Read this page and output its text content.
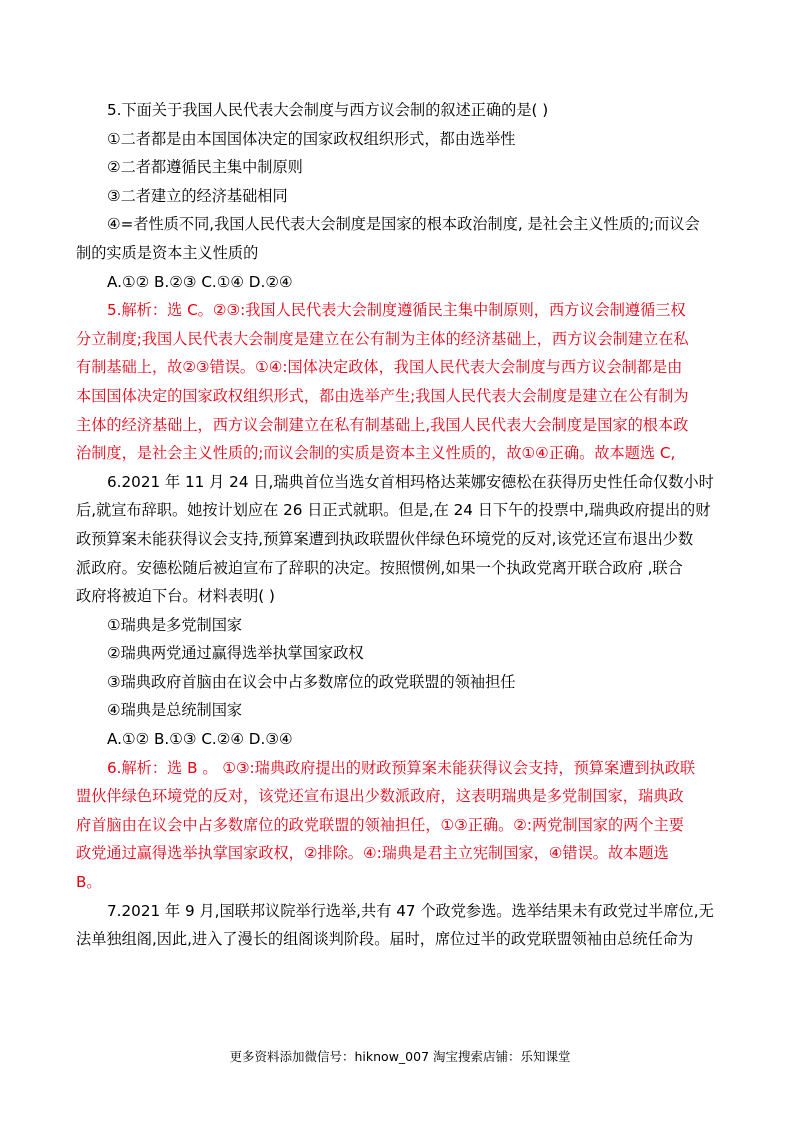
5.下面关于我国人民代表大会制度与西方议会制的叙述正确的是( )
①二者都是由本国国体决定的国家政权组织形式，都由选举性
②二者都遵循民主集中制原则
③二者建立的经济基础相同
④=者性质不同,我国人民代表大会制度是国家的根本政治制度, 是社会主义性质的;而议会
制的实质是资本主义性质的
A.①② B.②③ C.①④ D.②④
5.解析：选 C。②③:我国人民代表大会制度遵循民主集中制原则，西方议会制遵循三权
分立制度;我国人民代表大会制度是建立在公有制为主体的经济基础上，西方议会制建立在私
有制基础上，故②③错误。①④:国体决定政体，我国人民代表大会制度与西方议会制都是由
本国国体决定的国家政权组织形式，都由选举产生;我国人民代表大会制度是建立在公有制为
主体的经济基础上，西方议会制建立在私有制基础上,我国人民代表大会制度是国家的根本政
治制度，是社会主义性质的;而议会制的实质是资本主义性质的，故①④正确。故本题选 C,
6.2021 年 11 月 24 日,瑞典首位当选女首相玛格达莱娜安德松在获得历史性任命仅数小时
后,就宣布辞职。她按计划应在 26 日正式就职。但是,在 24 日下午的投票中,瑞典政府提出的财
政预算案未能获得议会支持,预算案遭到执政联盟伙伴绿色环境党的反对,该党还宣布退出少数
派政府。安德松随后被迫宣布了辞职的决定。按照惯例,如果一个执政党离开联合政府 ,联合
政府将被迫下台。材料表明( )
①瑞典是多党制国家
②瑞典两党通过赢得选举执掌国家政权
③瑞典政府首脑由在议会中占多数席位的政党联盟的领袖担任
④瑞典是总统制国家
A.①② B.①③ C.②④ D.③④
6.解析：选 B 。 ①③:瑞典政府提出的财政预算案未能获得议会支持，预算案遭到执政联
盟伙伴绿色环境党的反对，该党还宣布退出少数派政府，这表明瑞典是多党制国家，瑞典政
府首脑由在议会中占多数席位的政党联盟的领袖担任，①③正确。②:两党制国家的两个主要
政党通过赢得选举执掌国家政权，②排除。④:瑞典是君主立宪制国家，④错误。故本题选
B。
7.2021 年 9 月,国联邦议院举行选举,共有 47 个政党参选。选举结果未有政党过半席位,无
法单独组阁,因此,进入了漫长的组阁谈判阶段。届时，席位过半的政党联盟领袖由总统任命为
更多资料添加微信号：hiknow_007 淘宝搜索店铺：乐知课堂
